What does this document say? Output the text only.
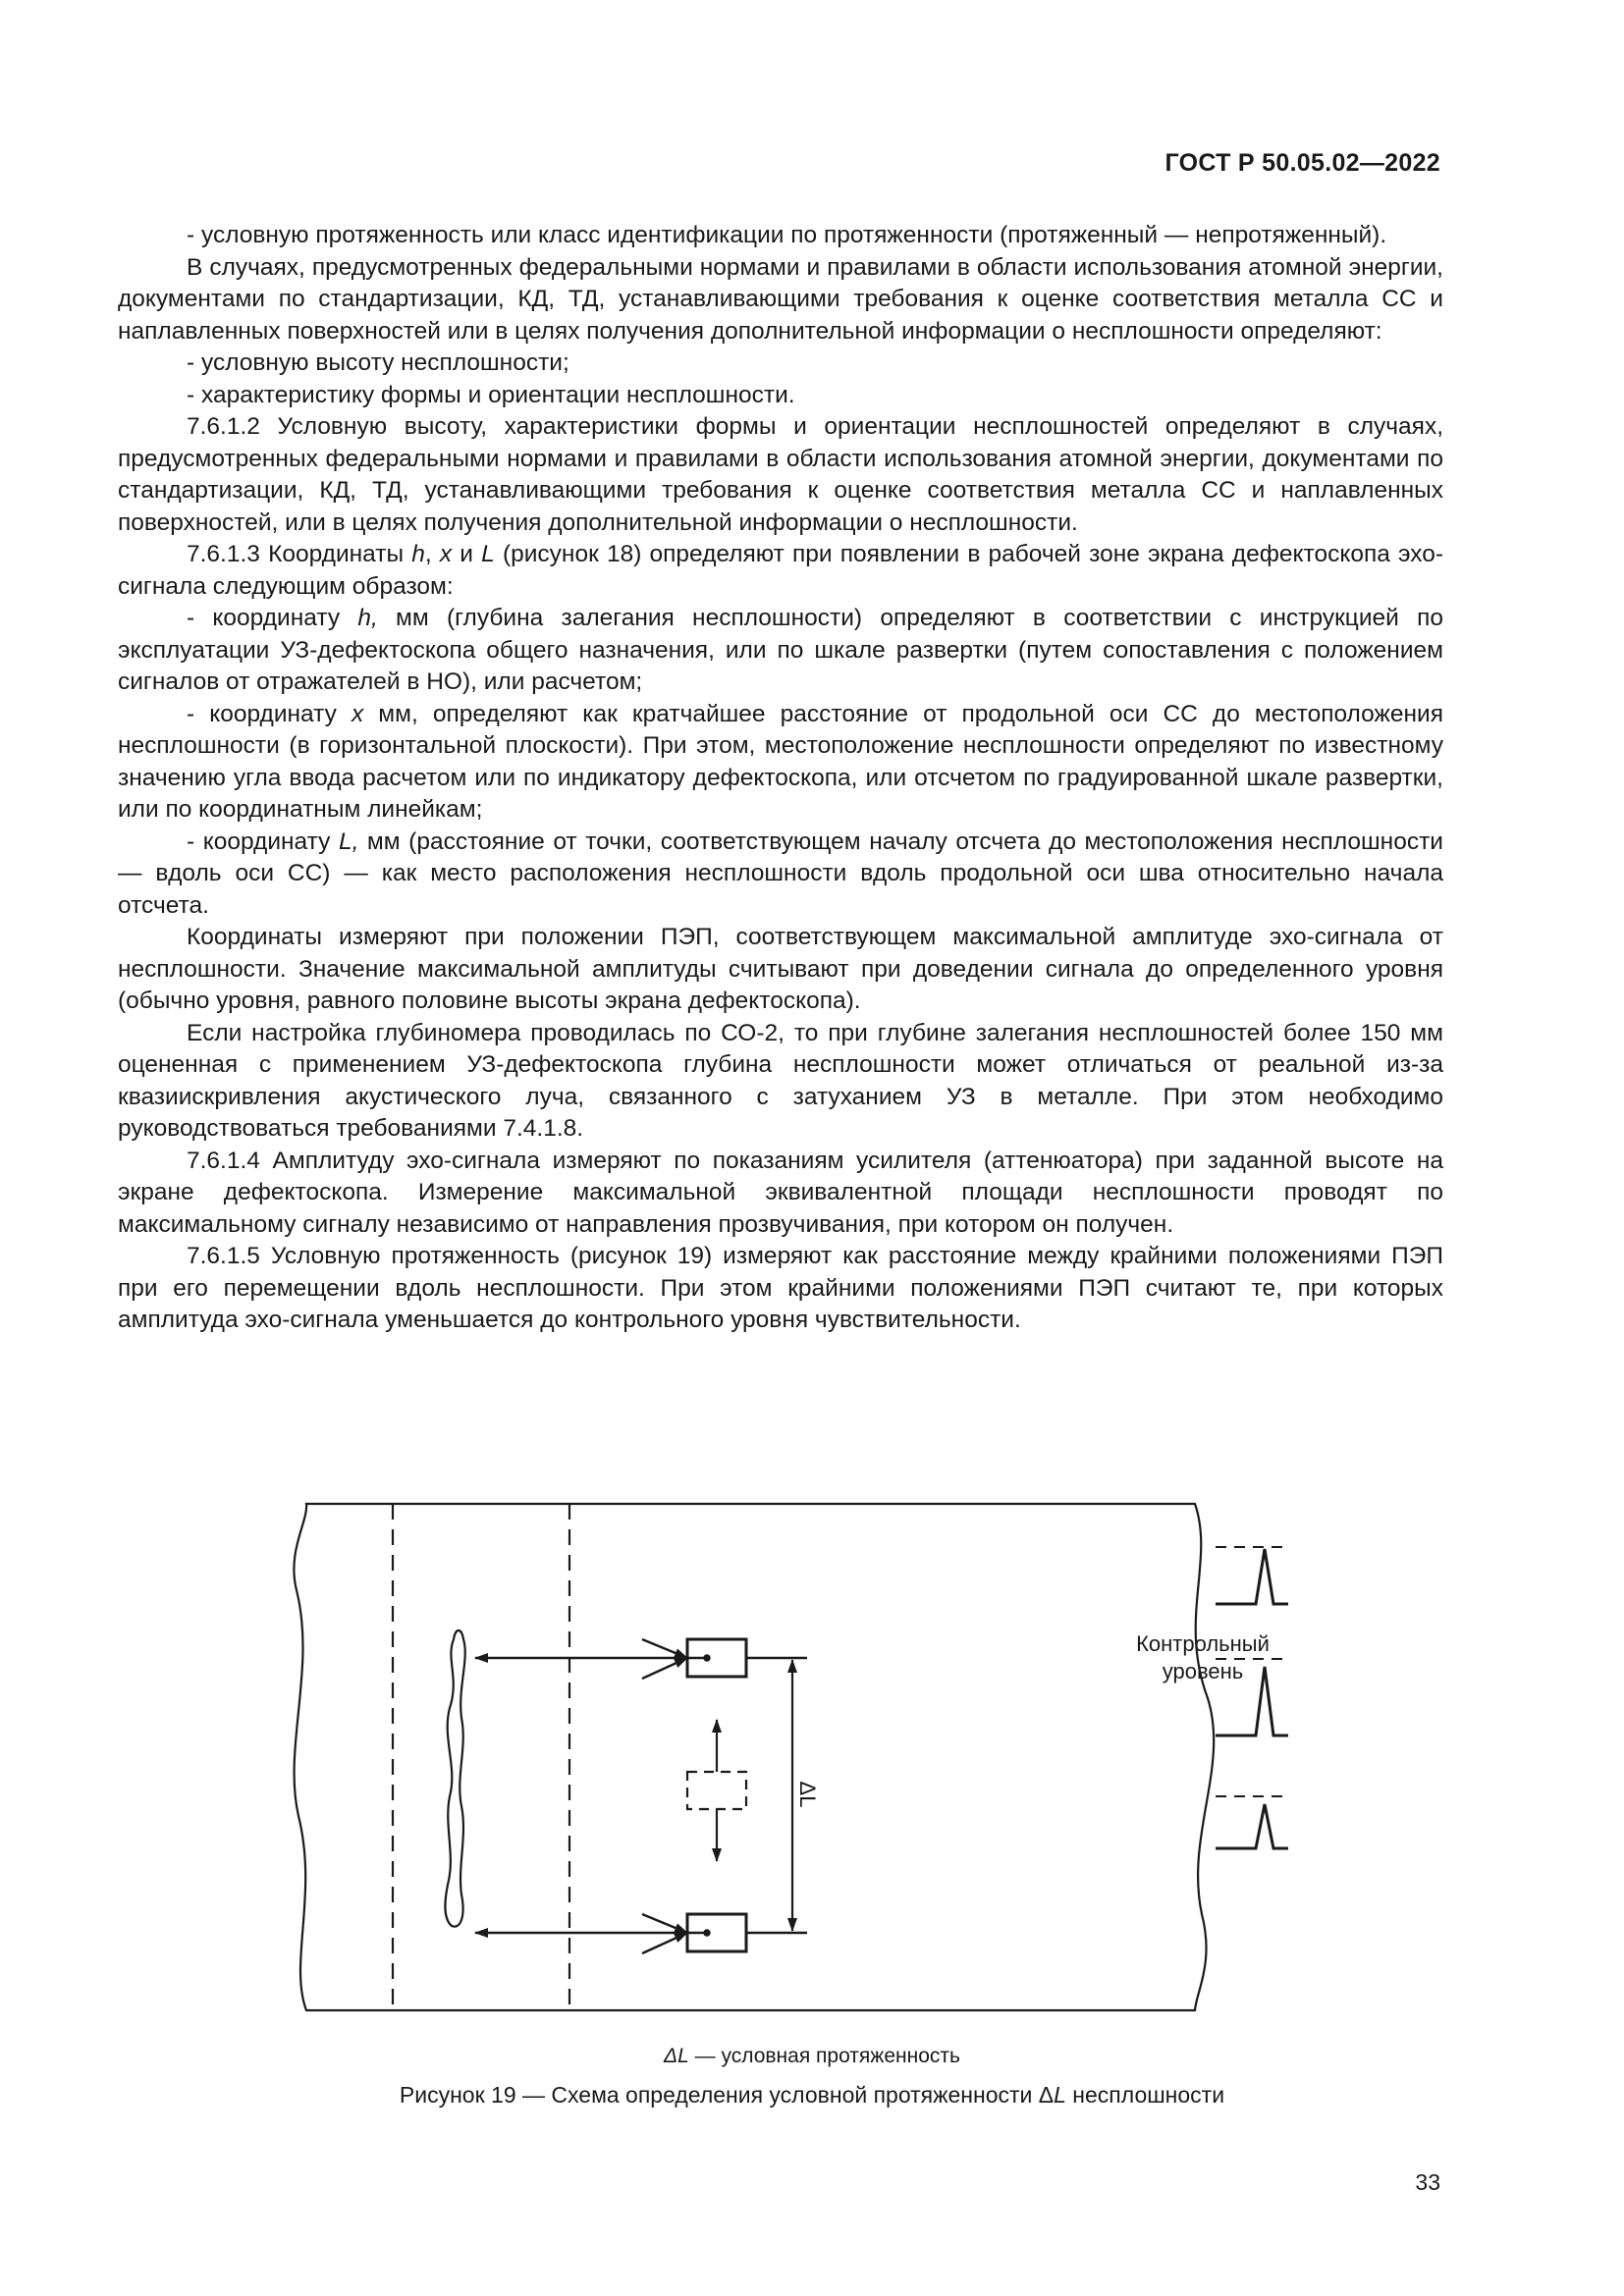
ГОСТ Р 50.05.02—2022

- условную протяженность или класс идентификации по протяженности (протяженный — непротяженный).

В случаях, предусмотренных федеральными нормами и правилами в области использования атомной энергии, документами по стандартизации, КД, ТД, устанавливающими требования к оценке соответствия металла СС и наплавленных поверхностей или в целях получения дополнительной информации о несплошности определяют:

- условную высоту несплошности;

- характеристику формы и ориентации несплошности.

7.6.1.2 Условную высоту, характеристики формы и ориентации несплошностей определяют в случаях, предусмотренных федеральными нормами и правилами в области использования атомной энергии, документами по стандартизации, КД, ТД, устанавливающими требования к оценке соответствия металла СС и наплавленных поверхностей, или в целях получения дополнительной информации о несплошности.

7.6.1.3 Координаты h, x и L (рисунок 18) определяют при появлении в рабочей зоне экрана дефектоскопа эхо-сигнала следующим образом:

- координату h, мм (глубина залегания несплошности) определяют в соответствии с инструкцией по эксплуатации УЗ-дефектоскопа общего назначения, или по шкале развертки (путем сопоставления с положением сигналов от отражателей в НО), или расчетом;

- координату x мм, определяют как кратчайшее расстояние от продольной оси СС до местоположения несплошности (в горизонтальной плоскости). При этом, местоположение несплошности определяют по известному значению угла ввода расчетом или по индикатору дефектоскопа, или отсчетом по градуированной шкале развертки, или по координатным линейкам;

- координату L, мм (расстояние от точки, соответствующем началу отсчета до местоположения несплошности — вдоль оси СС) — как место расположения несплошности вдоль продольной оси шва относительно начала отсчета.

Координаты измеряют при положении ПЭП, соответствующем максимальной амплитуде эхо-сигнала от несплошности. Значение максимальной амплитуды считывают при доведении сигнала до определенного уровня (обычно уровня, равного половине высоты экрана дефектоскопа).

Если настройка глубиномера проводилась по СО-2, то при глубине залегания несплошностей более 150 мм оцененная с применением УЗ-дефектоскопа глубина несплошности может отличаться от реальной из-за квазиискривления акустического луча, связанного с затуханием УЗ в металле. При этом необходимо руководствоваться требованиями 7.4.1.8.

7.6.1.4 Амплитуду эхо-сигнала измеряют по показаниям усилителя (аттенюатора) при заданной высоте на экране дефектоскопа. Измерение максимальной эквивалентной площади несплошности проводят по максимальному сигналу независимо от направления прозвучивания, при котором он получен.

7.6.1.5 Условную протяженность (рисунок 19) измеряют как расстояние между крайними положениями ПЭП при его перемещении вдоль несплошности. При этом крайними положениями ПЭП считают те, при которых амплитуда эхо-сигнала уменьшается до контрольного уровня чувствительности.

ΔL
Контрольный
уровень
ΔL — условная протяженность
Рисунок 19 — Схема определения условной протяженности ΔL несплошности
33
